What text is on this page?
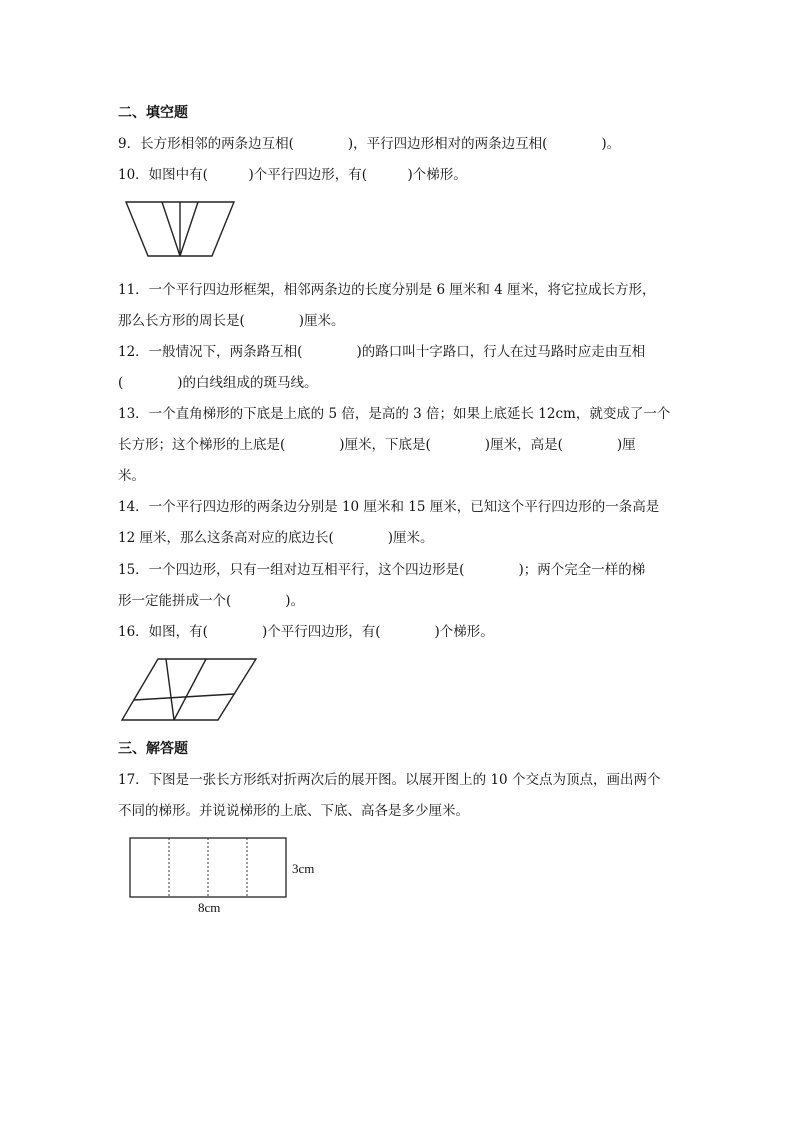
二、填空题
9．长方形相邻的两条边互相(　　　　)，平行四边形相对的两条边互相(　　　　)。
10．如图中有(　　　)个平行四边形，有(　　　)个梯形。
11．一个平行四边形框架，相邻两条边的长度分别是 6 厘米和 4 厘米，将它拉成长方形，
那么长方形的周长是(　　　　)厘米。
12．一般情况下，两条路互相(　　　　)的路口叫十字路口，行人在过马路时应走由互相
(　　　　)的白线组成的斑马线。
13．一个直角梯形的下底是上底的 5 倍，是高的 3 倍；如果上底延长 12cm，就变成了一个
长方形；这个梯形的上底是(　　　　)厘米，下底是(　　　　)厘米，高是(　　　　)厘
米。
14．一个平行四边形的两条边分别是 10 厘米和 15 厘米，已知这个平行四边形的一条高是
12 厘米，那么这条高对应的底边长(　　　　)厘米。
15．一个四边形，只有一组对边互相平行，这个四边形是(　　　　)；两个完全一样的梯
形一定能拼成一个(　　　　)。
16．如图，有(　　　　)个平行四边形，有(　　　　)个梯形。
三、解答题
17．下图是一张长方形纸对折两次后的展开图。以展开图上的 10 个交点为顶点，画出两个
不同的梯形。并说说梯形的上底、下底、高各是多少厘米。
3cm
8cm
